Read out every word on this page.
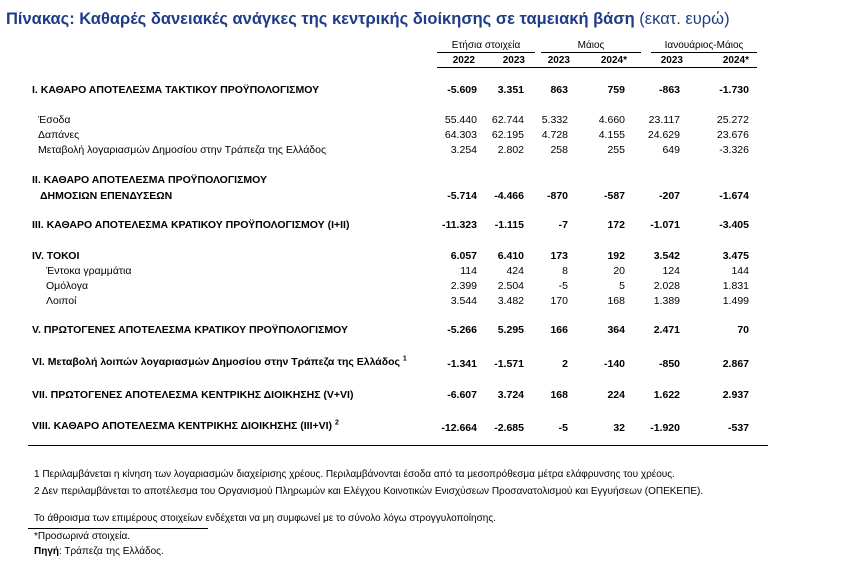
Πίνακας: Καθαρές δανειακές ανάγκες της κεντρικής διοίκησης σε ταμειακή βάση (εκατ. ευρώ)
Ετήσια στοιχεία	Μάιος	Ιανουάριος-Μάιος
2022	2023	2023	2024*	2023	2024*
I. ΚΑΘΑΡΟ ΑΠΟΤΕΛΕΣΜΑ ΤΑΚΤΙΚΟΥ ΠΡΟΫΠΟΛΟΓΙΣΜΟΥ	-5.609	3.351	863	759	-863	-1.730
Έσοδα	55.440	62.744	5.332	4.660	23.117	25.272
Δαπάνες	64.303	62.195	4.728	4.155	24.629	23.676
Μεταβολή λογαριασμών Δημοσίου στην Τράπεζα της Ελλάδος	3.254	2.802	258	255	649	-3.326
II. ΚΑΘΑΡΟ ΑΠΟΤΕΛΕΣΜΑ ΠΡΟΫΠΟΛΟΓΙΣΜΟΥ
ΔΗΜΟΣΙΩΝ ΕΠΕΝΔΥΣΕΩΝ	-5.714	-4.466	-870	-587	-207	-1.674
III. ΚΑΘΑΡΟ ΑΠΟΤΕΛΕΣΜΑ ΚΡΑΤΙΚΟΥ ΠΡΟΫΠΟΛΟΓΙΣΜΟΥ (I+II)	-11.323	-1.115	-7	172	-1.071	-3.405
IV. ΤΟΚΟΙ	6.057	6.410	173	192	3.542	3.475
Έντοκα γραμμάτια	114	424	8	20	124	144
Ομόλογα	2.399	2.504	-5	5	2.028	1.831
Λοιποί	3.544	3.482	170	168	1.389	1.499
V. ΠΡΩΤΟΓΕΝΕΣ ΑΠΟΤΕΛΕΣΜΑ ΚΡΑΤΙΚΟΥ ΠΡΟΫΠΟΛΟΓΙΣΜΟΥ	-5.266	5.295	166	364	2.471	70
VI. Μεταβολή λοιπών λογαριασμών Δημοσίου στην Τράπεζα της Ελλάδος $^1$	-1.341	-1.571	2	-140	-850	2.867
VII. ΠΡΩΤΟΓΕΝΕΣ ΑΠΟΤΕΛΕΣΜΑ ΚΕΝΤΡΙΚΗΣ ΔΙΟΙΚΗΣΗΣ (V+VI)	-6.607	3.724	168	224	1.622	2.937
VIII. ΚΑΘΑΡΟ ΑΠΟΤΕΛΕΣΜΑ ΚΕΝΤΡΙΚΗΣ ΔΙΟΙΚΗΣΗΣ (III+VI) $^2$	-12.664	-2.685	-5	32	-1.920	-537
1 Περιλαμβάνεται η κίνηση των λογαριασμών διαχείρισης χρέους. Περιλαμβάνονται έσοδα από τα μεσοπρόθεσμα μέτρα ελάφρυνσης του χρέους.
2 Δεν περιλαμβάνεται το αποτέλεσμα του Οργανισμού Πληρωμών και Ελέγχου Κοινοτικών Ενισχύσεων Προσανατολισμού και Εγγυήσεων (ΟΠΕΚΕΠΕ).
Το άθροισμα των επιμέρους στοιχείων ενδέχεται να μη συμφωνεί με το σύνολο λόγω στρογγυλοποίησης.
*Προσωρινά στοιχεία.
Πηγή: Τράπεζα της Ελλάδος.
